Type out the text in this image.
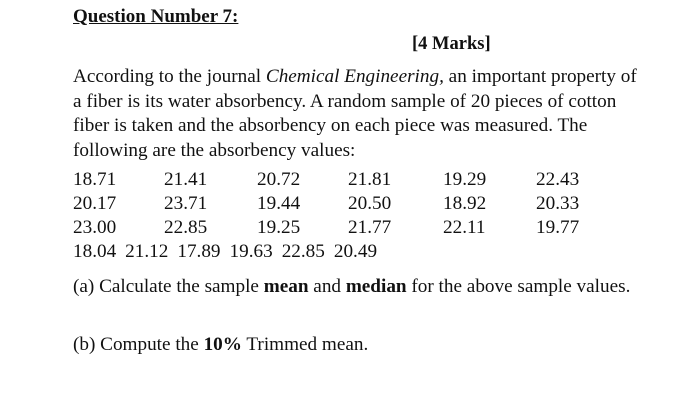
Question Number 7:
[4 Marks]
According to the journal Chemical Engineering, an important property of a fiber is its water absorbency. A random sample of 20 pieces of cotton fiber is taken and the absorbency on each piece was measured. The following are the absorbency values:
18.71 21.41	20.72 21.81	19.29	22.43
20.17 23.71	19.44 20.50	18.92	20.33
23.00 22.85	19.25 21.77	22.11	19.77
18.04 21.12 17.89 19.63 22.85 20.49
(a) Calculate the sample mean and median for the above sample values.
(b) Compute the 10% Trimmed mean.
